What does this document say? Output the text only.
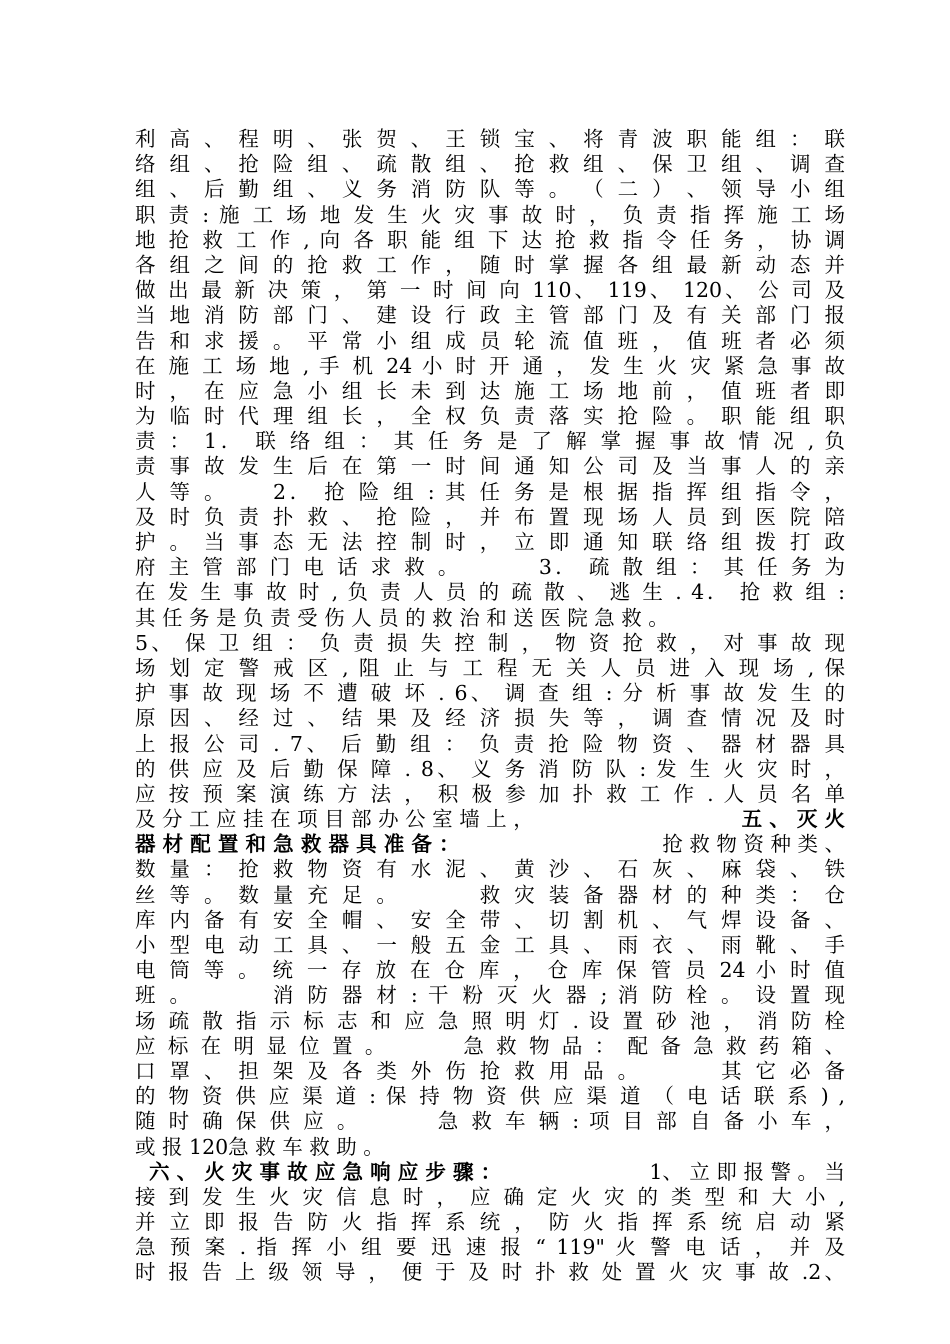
利 高 、 程 明 、 张 贺 、 王 锁 宝 、 将 青 波 职 能 组 ： 联
络 组 、 抢 险 组 、 疏 散 组 、 抢 救 组 、 保 卫 组 、 调 查
组 、 后 勤 组 、 义 务 消 防 队 等 。 （ 二 ） 、 领 导 小 组
职 责 : 施 工 场 地 发 生 火 灾 事 故 时 ， 负 责 指 挥 施 工 场
地 抢 救 工 作 , 向 各 职 能 组 下 达 抢 救 指 令 任 务 ， 协 调
各 组 之 间 的 抢 救 工 作 ， 随 时 掌 握 各 组 最 新 动 态 并
做 出 最 新 决 策 ， 第 一 时 间 向 110、 119、 120、 公 司 及
当 地 消 防 部 门 、 建 设 行 政 主 管 部 门 及 有 关 部 门 报
告 和 求 援 。 平 常 小 组 成 员 轮 流 值 班 ， 值 班 者 必 须
在 施 工 场 地 , 手 机 24 小 时 开 通 ， 发 生 火 灾 紧 急 事 故
时 ， 在 应 急 小 组 长 未 到 达 施 工 场 地 前 ， 值 班 者 即
为 临 时 代 理 组 长 ， 全 权 负 责 落 实 抢 险 。 职 能 组 职
责 ： 1． 联 络 组 ： 其 任 务 是 了 解 掌 握 事 故 情 况 , 负
责 事 故 发 生 后 在 第 一 时 间 通 知 公 司 及 当 事 人 的 亲
人 等 。 　 2． 抢 险 组 : 其 任 务 是 根 据 指 挥 组 指 令 ，
及 时 负 责 扑 救 、 抢 险 ， 并 布 置 现 场 人 员 到 医 院 陪
护 。 当 事 态 无 法 控 制 时 ， 立 即 通 知 联 络 组 拨 打 政
府 主 管 部 门 电 话 求 救 。 　 　 3． 疏 散 组 ： 其 任 务 为
在 发 生 事 故 时 , 负 责 人 员 的 疏 散 、 逃 生 . 4． 抢 救 组 :
其 任 务 是 负 责 受 伤 人 员 的 救 治 和 送 医 院 急 救 。
5、 保 卫 组 ： 负 责 损 失 控 制 ， 物 资 抢 救 ， 对 事 故 现
场 划 定 警 戒 区 , 阻 止 与 工 程 无 关 人 员 进 入 现 场 , 保
护 事 故 现 场 不 遭 破 坏 . 6、 调 查 组 : 分 析 事 故 发 生 的
原 因 、 经 过 、 结 果 及 经 济 损 失 等 ， 调 查 情 况 及 时
上 报 公 司 . 7、 后 勤 组 ： 负 责 抢 险 物 资 、 器 材 器 具
的 供 应 及 后 勤 保 障 . 8、 义 务 消 防 队 : 发 生 火 灾 时 ，
应 按 预 案 演 练 方 法 ， 积 极 参 加 扑 救 工 作 . 人 员 名 单
及 分 工 应 挂 在 项 目 部 办 公 室 墙 上 ，	五 、 灭 火
器 材 配 置 和 急 救 器 具 准 备 ：	抢 救 物 资 种 类 、
数 量 ： 抢 救 物 资 有 水 泥 、 黄 沙 、 石 灰 、 麻 袋 、 铁
丝 等 。 数 量 充 足 。 　 　 救 灾 装 备 器 材 的 种 类 ： 仓
库 内 备 有 安 全 帽 、 安 全 带 、 切 割 机 、 气 焊 设 备 、
小 型 电 动 工 具 、 一 般 五 金 工 具 、 雨 衣 、 雨 靴 、 手
电 筒 等 。 统 一 存 放 在 仓 库 ， 仓 库 保 管 员 24 小 时 值
班 。 　 　 消 防 器 材 : 干 粉 灭 火 器 ; 消 防 栓 。 设 置 现
场 疏 散 指 示 标 志 和 应 急 照 明 灯 . 设 置 砂 池 ， 消 防 栓
应 标 在 明 显 位 置 。 　 　 急 救 物 品 ： 配 备 急 救 药 箱 、
口 罩 、 担 架 及 各 类 外 伤 抢 救 用 品 。 　 　 其 它 必 备
的 物 资 供 应 渠 道 : 保 持 物 资 供 应 渠 道 （ 电 话 联 系 ) ,
随 时 确 保 供 应 。 　 　 急 救 车 辆 : 项 目 部 自 备 小 车 ，
或 报 120急 救 车 救 助 。
六 、 火 灾 事 故 应 急 响 应 步 骤 ：	1、 立 即 报 警 。 当
接 到 发 生 火 灾 信 息 时 ， 应 确 定 火 灾 的 类 型 和 大 小 ,
并 立 即 报 告 防 火 指 挥 系 统 ， 防 火 指 挥 系 统 启 动 紧
急 预 案 . 指 挥 小 组 要 迅 速 报 “ 119" 火 警 电 话 ， 并 及
时 报 告 上 级 领 导 ， 便 于 及 时 扑 救 处 置 火 灾 事 故 .2、
